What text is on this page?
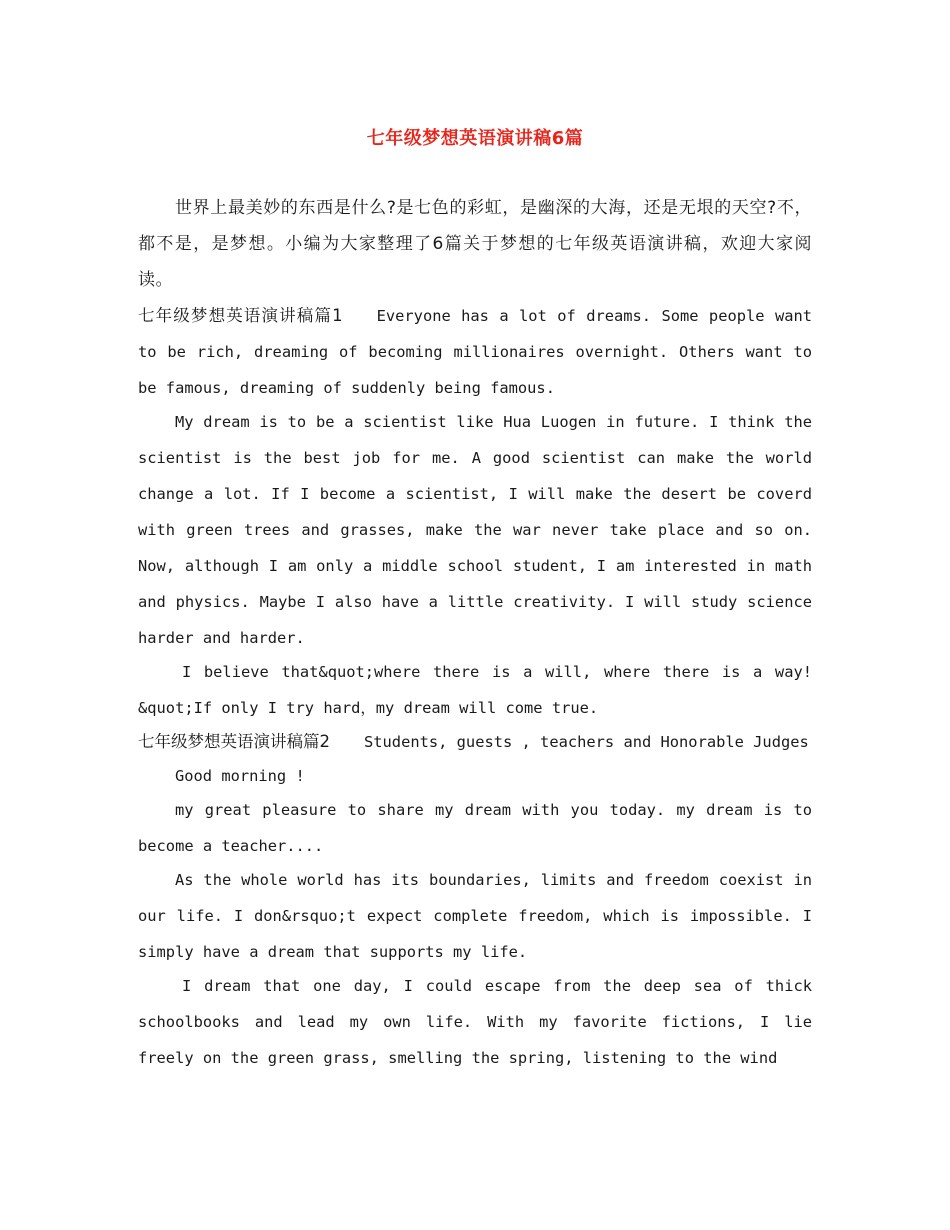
七年级梦想英语演讲稿6篇

世界上最美妙的东西是什么?是七色的彩虹，是幽深的大海，还是无垠的天空?不，都不是，是梦想。小编为大家整理了6篇关于梦想的七年级英语演讲稿，欢迎大家阅读。

七年级梦想英语演讲稿篇1 Everyone has a lot of dreams. Some people want to be rich, dreaming of becoming millionaires overnight. Others want to be famous, dreaming of suddenly being famous.

My dream is to be a scientist like Hua Luogen in future. I think the scientist is the best job for me. A good scientist can make the world change a lot. If I become a scientist, I will make the desert be coverd with green trees and grasses, make the war never take place and so on. Now, although I am only a middle school student, I am interested in math and physics. Maybe I also have a little creativity. I will study science harder and harder.

I believe that&quot;where there is a will, where there is a way! &quot;If only I try hard，my dream will come true.

七年级梦想英语演讲稿篇2 Students, guests , teachers and Honorable Judges

Good morning !

my great pleasure to share my dream with you today. my dream is to become a teacher....

As the whole world has its boundaries, limits and freedom coexist in our life. I don&rsquo;t expect complete freedom, which is impossible. I simply have a dream that supports my life.

I dream that one day, I could escape from the deep sea of thick schoolbooks and lead my own life. With my favorite fictions, I lie freely on the green grass, smelling the spring, listening to the wind
